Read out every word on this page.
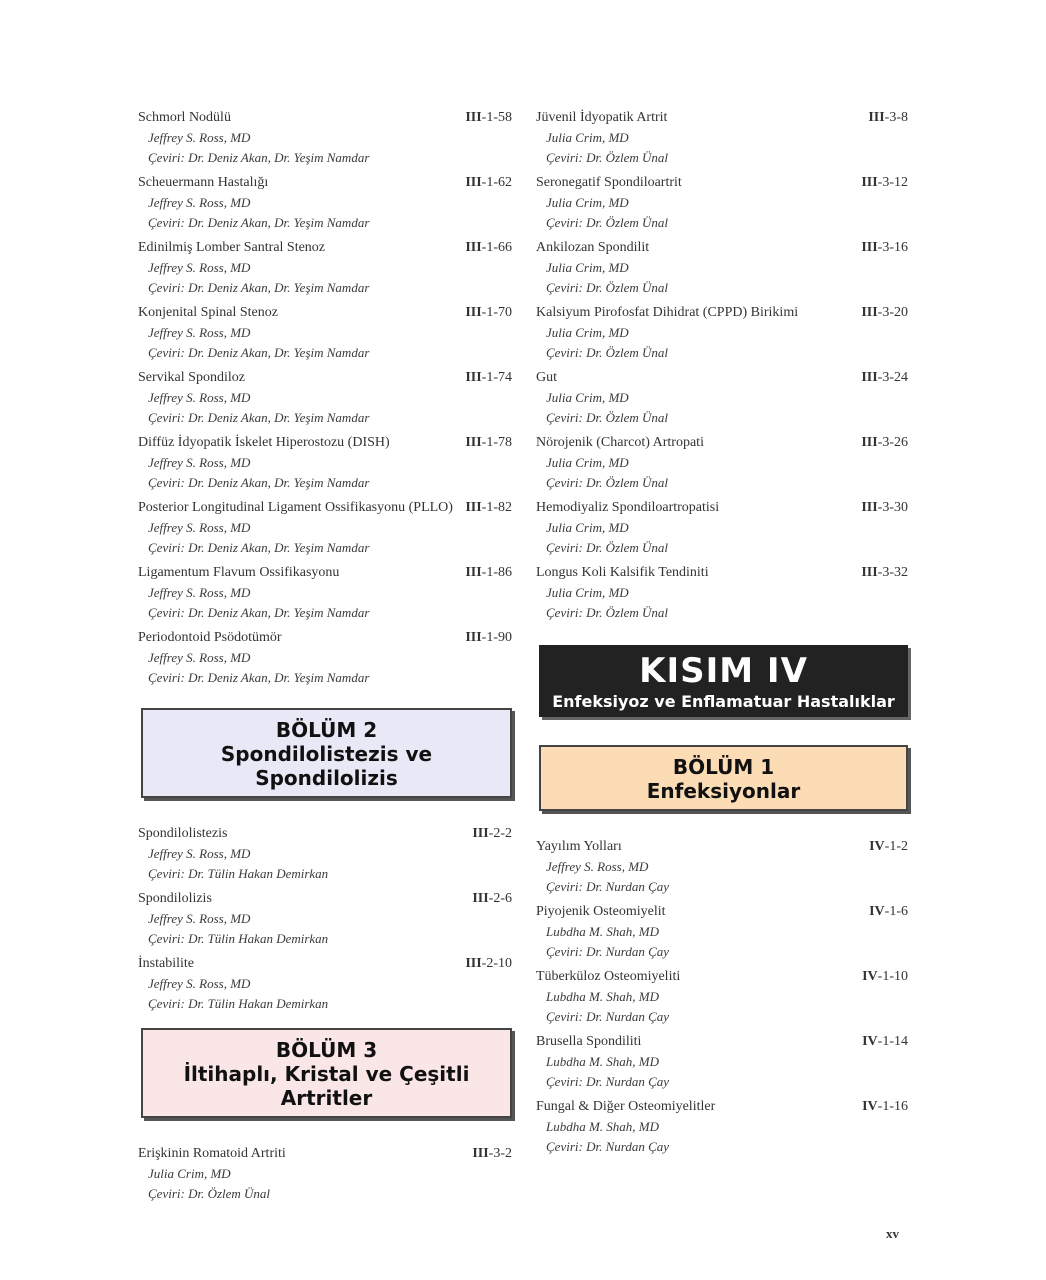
Schmorl Nodülü	III-1-58
Jeffrey S. Ross, MD
Çeviri: Dr. Deniz Akan, Dr. Yeşim Namdar
Scheuermann Hastalığı	III-1-62
Jeffrey S. Ross, MD
Çeviri: Dr. Deniz Akan, Dr. Yeşim Namdar
Edinilmiş Lomber Santral Stenoz	III-1-66
Jeffrey S. Ross, MD
Çeviri: Dr. Deniz Akan, Dr. Yeşim Namdar
Konjenital Spinal Stenoz	III-1-70
Jeffrey S. Ross, MD
Çeviri: Dr. Deniz Akan, Dr. Yeşim Namdar
Servikal Spondiloz	III-1-74
Jeffrey S. Ross, MD
Çeviri: Dr. Deniz Akan, Dr. Yeşim Namdar
Diffüz İdyopatik İskelet Hiperostozu (DISH)	III-1-78
Jeffrey S. Ross, MD
Çeviri: Dr. Deniz Akan, Dr. Yeşim Namdar
Posterior Longitudinal Ligament Ossifikasyonu (PLLO) III-1-82
Jeffrey S. Ross, MD
Çeviri: Dr. Deniz Akan, Dr. Yeşim Namdar
Ligamentum Flavum Ossifikasyonu	III-1-86
Jeffrey S. Ross, MD
Çeviri: Dr. Deniz Akan, Dr. Yeşim Namdar
Periodontoid Psödotümör	III-1-90
Jeffrey S. Ross, MD
Çeviri: Dr. Deniz Akan, Dr. Yeşim Namdar
BÖLÜM 2
Spondilolistezis ve Spondilolizis
Spondilolistezis	III-2-2
Jeffrey S. Ross, MD
Çeviri: Dr. Tülin Hakan Demirkan
Spondilolizis	III-2-6
Jeffrey S. Ross, MD
Çeviri: Dr. Tülin Hakan Demirkan
İnstabilite	III-2-10
Jeffrey S. Ross, MD
Çeviri: Dr. Tülin Hakan Demirkan
BÖLÜM 3
İltihaplı, Kristal ve Çeşitli
Artritler
Erişkinin Romatoid Artriti	III-3-2
Julia Crim, MD
Çeviri: Dr. Özlem Ünal
Jüvenil İdyopatik Artrit	III-3-8
Julia Crim, MD
Çeviri: Dr. Özlem Ünal
Seronegatif Spondiloartrit	III-3-12
Julia Crim, MD
Çeviri: Dr. Özlem Ünal
Ankilozan Spondilit	III-3-16
Julia Crim, MD
Çeviri: Dr. Özlem Ünal
Kalsiyum Pirofosfat Dihidrat (CPPD) Birikimi	III-3-20
Julia Crim, MD
Çeviri: Dr. Özlem Ünal
Gut	III-3-24
Julia Crim, MD
Çeviri: Dr. Özlem Ünal
Nörojenik (Charcot) Artropati	III-3-26
Julia Crim, MD
Çeviri: Dr. Özlem Ünal
Hemodiyaliz Spondiloartropatisi	III-3-30
Julia Crim, MD
Çeviri: Dr. Özlem Ünal
Longus Koli Kalsifik Tendiniti	III-3-32
Julia Crim, MD
Çeviri: Dr. Özlem Ünal
KISIM IV
Enfeksiyoz ve Enflamatuar Hastalıklar
BÖLÜM 1
Enfeksiyonlar
Yayılım Yolları	IV-1-2
Jeffrey S. Ross, MD
Çeviri: Dr. Nurdan Çay
Piyojenik Osteomiyelit	IV-1-6
Lubdha M. Shah, MD
Çeviri: Dr. Nurdan Çay
Tüberküloz Osteomiyeliti	IV-1-10
Lubdha M. Shah, MD
Çeviri: Dr. Nurdan Çay
Brusella Spondiliti	IV-1-14
Lubdha M. Shah, MD
Çeviri: Dr. Nurdan Çay
Fungal & Diğer Osteomiyelitler	IV-1-16
Lubdha M. Shah, MD
Çeviri: Dr. Nurdan Çay
xv
